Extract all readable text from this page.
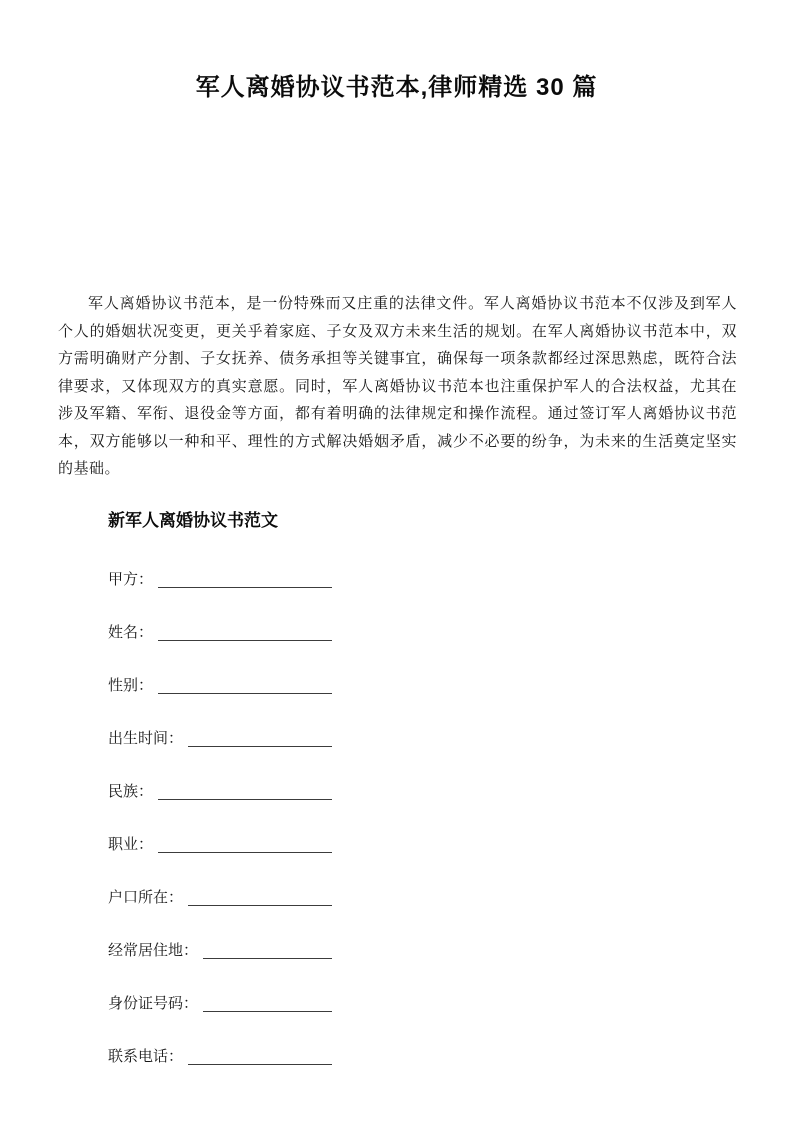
军人离婚协议书范本,律师精选 30 篇
军人离婚协议书范本，是一份特殊而又庄重的法律文件。军人离婚协议书范本不仅涉及到军人个人的婚姻状况变更，更关乎着家庭、子女及双方未来生活的规划。在军人离婚协议书范本中，双方需明确财产分割、子女抚养、债务承担等关键事宜，确保每一项条款都经过深思熟虑，既符合法律要求，又体现双方的真实意愿。同时，军人离婚协议书范本也注重保护军人的合法权益，尤其在涉及军籍、军衔、退役金等方面，都有着明确的法律规定和操作流程。通过签订军人离婚协议书范本，双方能够以一种和平、理性的方式解决婚姻矛盾，减少不必要的纷争，为未来的生活奠定坚实的基础。
新军人离婚协议书范文
甲方：
姓名：
性别：
出生时间：
民族：
职业：
户口所在：
经常居住地：
身份证号码：
联系电话：
